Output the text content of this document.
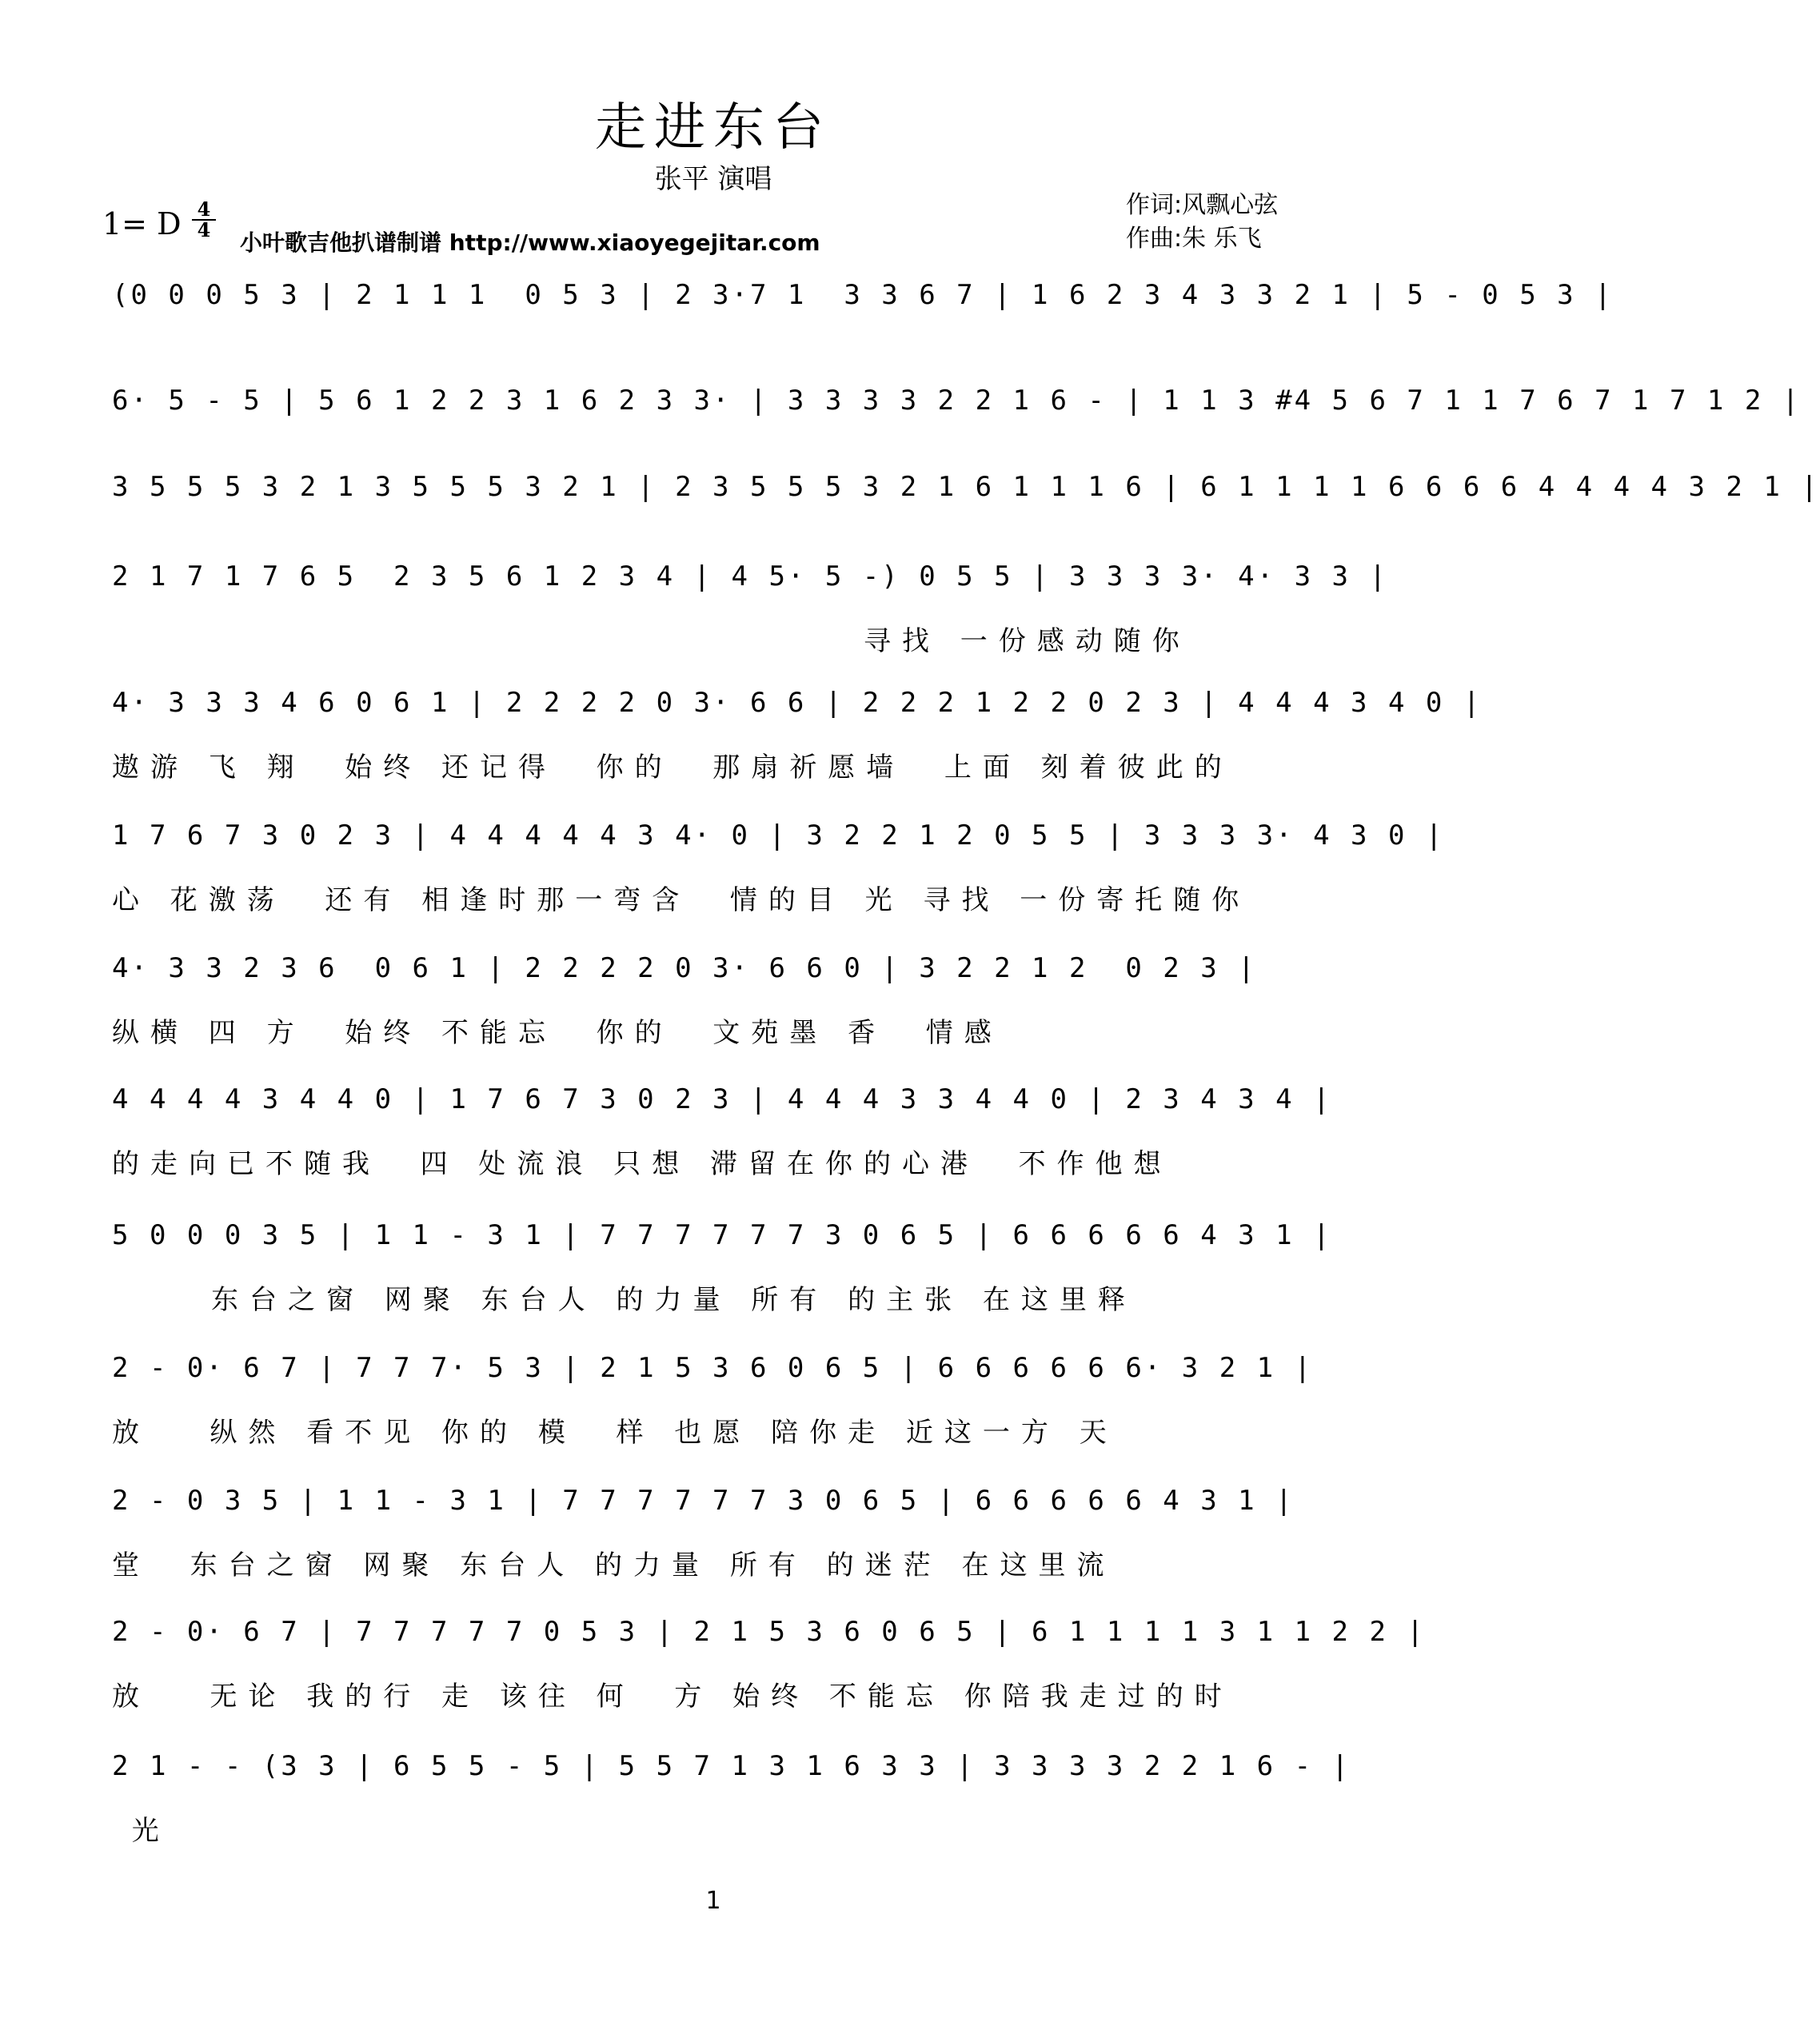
走进东台
张平 演唱
1= D 4
4 小叶歌吉他扒谱制谱 http://www.xiaoyegejitar.com
作词:风飘心弦
作曲:朱 乐飞
(0 0 0 5 3 | 2 1 1 1  0 5 3 | 2 3·7 1  3 3 6 7 | 1 6 2 3 4 3 3 2 1 | 5 - 0 5 3 |
6· 5 - 5 | 5 6 1 2 2 3 1 6 2 3 3· | 3 3 3 3 2 2 1 6 - | 1 1 3 #4 5 6 7 1 1 7 6 7 1 7 1 2 |
3 5 5 5 3 2 1 3 5 5 5 3 2 1 | 2 3 5 5 5 3 2 1 6 1 1 1 6 | 6 1 1 1 1 6 6 6 6 4 4 4 4 3 2 1 |
2 1 7 1 7 6 5  2 3 5 6 1 2 3 4 | 4 5· 5 -) 0 5 5 | 3 3 3 3· 4· 3 3 |
寻找 一份感动随你
4· 3 3 3 4 6 0 6 1 | 2 2 2 2 0 3· 6 6 | 2 2 2 1 2 2 0 2 3 | 4 4 4 3 4 0 |
遨游 飞 翔  始终 还记得  你的  那扇祈愿墙  上面 刻着彼此的
1 7 6 7 3 0 2 3 | 4 4 4 4 4 3 4· 0 | 3 2 2 1 2 0 5 5 | 3 3 3 3· 4 3 0 |
心 花激荡  还有 相逢时那一弯含  情的目 光 寻找 一份寄托随你
4· 3 3 2 3 6  0 6 1 | 2 2 2 2 0 3· 6 6 0 | 3 2 2 1 2  0 2 3 |
纵横 四 方  始终 不能忘  你的  文苑墨 香  情感
4 4 4 4 3 4 4 0 | 1 7 6 7 3 0 2 3 | 4 4 4 3 3 4 4 0 | 2 3 4 3 4 |
的走向已不随我  四 处流浪 只想 滞留在你的心港  不作他想
5 0 0 0 3 5 | 1 1 - 3 1 | 7 7 7 7 7 7 3 0 6 5 | 6 6 6 6 6 4 3 1 |
东台之窗 网聚 东台人 的力量 所有 的主张 在这里释
2 - 0· 6 7 | 7 7 7· 5 3 | 2 1 5 3 6 0 6 5 | 6 6 6 6 6 6· 3 2 1 |
放   纵然 看不见 你的 模  样 也愿 陪你走 近这一方 天
2 - 0 3 5 | 1 1 - 3 1 | 7 7 7 7 7 7 3 0 6 5 | 6 6 6 6 6 4 3 1 |
堂  东台之窗 网聚 东台人 的力量 所有 的迷茫 在这里流
2 - 0· 6 7 | 7 7 7 7 7 0 5 3 | 2 1 5 3 6 0 6 5 | 6 1 1 1 1 3 1 1 2 2 |
放   无论 我的行 走 该往 何  方 始终 不能忘 你陪我走过的时
2 1 - - (3 3 | 6 5 5 - 5 | 5 5 7 1 3 1 6 3 3 | 3 3 3 3 2 2 1 6 - |
光
1
